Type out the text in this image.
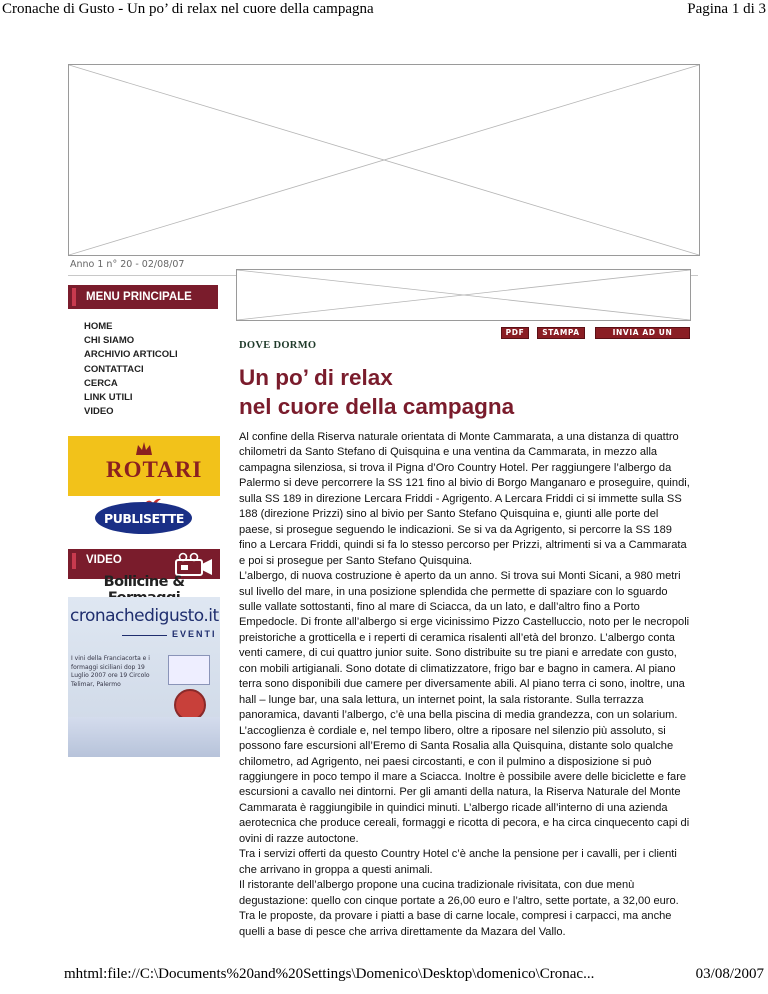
Cronache di Gusto - Un po’ di relax nel cuore della campagna	Pagina 1 di 3
Anno 1 n° 20 - 02/08/07
MENU PRINCIPALE
HOME
CHI SIAMO
ARCHIVIO ARTICOLI
CONTATTACI
CERCA
LINK UTILI
VIDEO
ROTARI
PUBLISETTE
VIDEO
Bollicine &
cronachedigusto.it
EVENTI
I vini della Franciacorta e i formaggi siciliani dop 19 Luglio 2007 ore 19 Circolo Telimar, Palermo
PDF	STAMPA	INVIA AD UN AMICO
DOVE DORMO
Un po’ di relax
nel cuore della campagna

Al confine della Riserva naturale orientata di Monte Cammarata, a una distanza di quattro chilometri da Santo Stefano di Quisquina e una ventina da Cammarata, in mezzo alla campagna silenziosa, si trova il Pigna d’Oro Country Hotel. Per raggiungere l’albergo da Palermo si deve percorrere la SS 121 fino al bivio di Borgo Manganaro e proseguire, quindi, sulla SS 189 in direzione Lercara Friddi - Agrigento. A Lercara Friddi ci si immette sulla SS 188 (direzione Prizzi) sino al bivio per Santo Stefano Quisquina e, giunti alle porte del paese, si prosegue seguendo le indicazioni. Se si va da Agrigento, si percorre la SS 189 fino a Lercara Friddi, quindi si fa lo stesso percorso per Prizzi, altrimenti si va a Cammarata e poi si prosegue per Santo Stefano Quisquina.

L’albergo, di nuova costruzione è aperto da un anno. Si trova sui Monti Sicani, a 980 metri sul livello del mare, in una posizione splendida che permette di spaziare con lo sguardo sulle vallate sottostanti, fino al mare di Sciacca, da un lato, e dall’altro fino a Porto Empedocle. Di fronte all’albergo si erge vicinissimo Pizzo Castelluccio, noto per le necropoli preistoriche a grotticella e i reperti di ceramica risalenti all’età del bronzo. L’albergo conta venti camere, di cui quattro junior suite. Sono distribuite su tre piani e arredate con gusto, con mobili artigianali. Sono dotate di climatizzatore, frigo bar e bagno in camera. Al piano terra sono disponibili due camere per diversamente abili. Al piano terra ci sono, inoltre, una hall – lunge bar, una sala lettura, un internet point, la sala ristorante. Sulla terrazza panoramica, davanti l’albergo, c’è una bella piscina di media grandezza, con un solarium. L’accoglienza è cordiale e, nel tempo libero, oltre a riposare nel silenzio più assoluto, si possono fare escursioni all’Eremo di Santa Rosalia alla Quisquina, distante solo qualche chilometro, ad Agrigento, nei paesi circostanti, e con il pulmino a disposizione si può raggiungere in poco tempo il mare a Sciacca. Inoltre è possibile avere delle biciclette e fare escursioni a cavallo nei dintorni. Per gli amanti della natura, la Riserva Naturale del Monte Cammarata è raggiungibile in quindici minuti. L’albergo ricade all’interno di una azienda aerotecnica che produce cereali, formaggi e ricotta di pecora, e ha circa cinquecento capi di ovini di razze autoctone.

Tra i servizi offerti da questo Country Hotel c’è anche la pensione per i cavalli, per i clienti che arrivano in groppa a questi animali.

Il ristorante dell’albergo propone una cucina tradizionale rivisitata, con due menù degustazione: quello con cinque portate a 26,00 euro e l’altro, sette portate, a 32,00 euro. Tra le proposte, da provare i piatti a base di carne locale, compresi i carpacci, ma anche quelli a base di pesce che arriva direttamente da Mazara del Vallo.

mhtml:file://C:\Documents%20and%20Settings\Domenico\Desktop\domenico\Cronac...	03/08/2007
